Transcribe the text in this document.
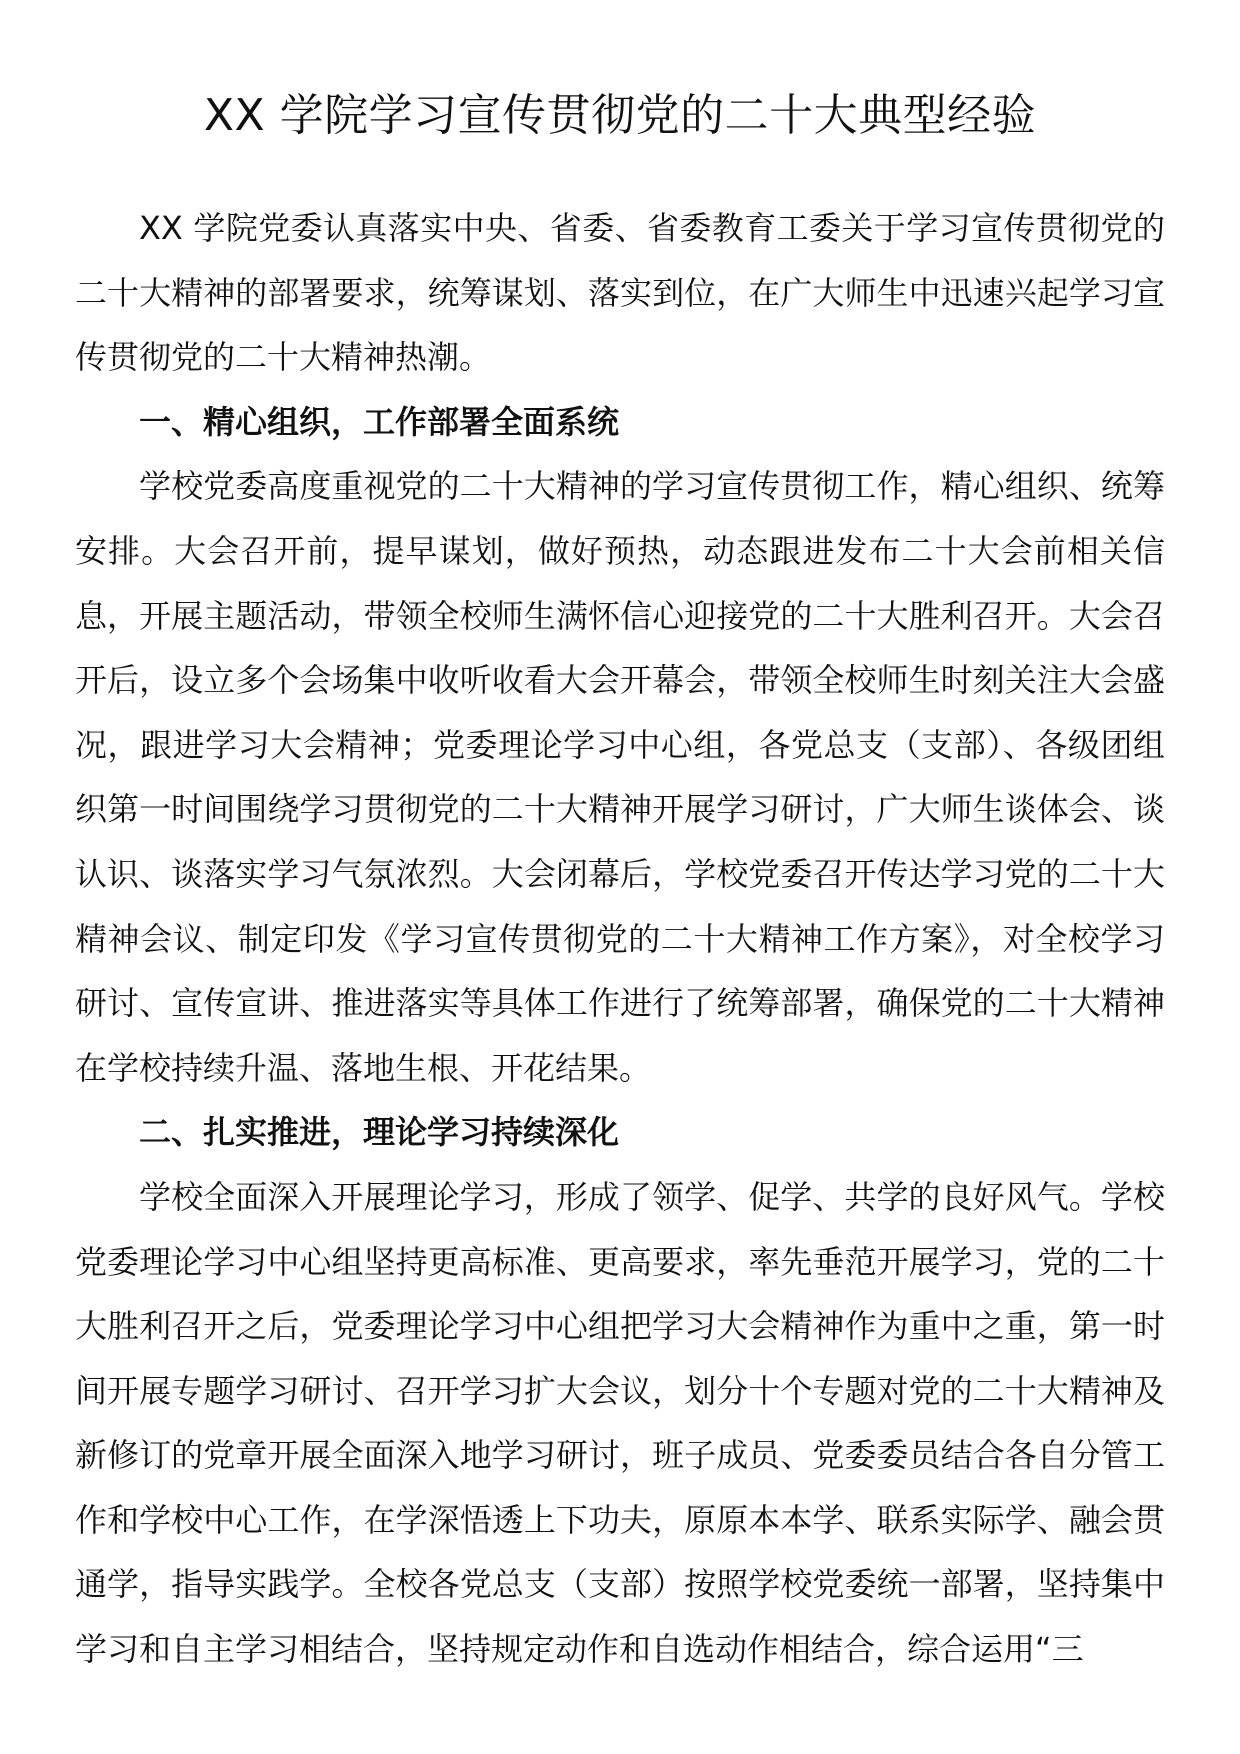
XX 学院学习宣传贯彻党的二十大典型经验

XX 学院党委认真落实中央、省委、省委教育工委关于学习宣传贯彻党的二十大精神的部署要求，统筹谋划、落实到位，在广大师生中迅速兴起学习宣传贯彻党的二十大精神热潮。

一、精心组织，工作部署全面系统

学校党委高度重视党的二十大精神的学习宣传贯彻工作，精心组织、统筹安排。大会召开前，提早谋划，做好预热，动态跟进发布二十大会前相关信息，开展主题活动，带领全校师生满怀信心迎接党的二十大胜利召开。大会召开后，设立多个会场集中收听收看大会开幕会，带领全校师生时刻关注大会盛况，跟进学习大会精神；党委理论学习中心组，各党总支（支部）、各级团组织第一时间围绕学习贯彻党的二十大精神开展学习研讨，广大师生谈体会、谈认识、谈落实学习气氛浓烈。大会闭幕后，学校党委召开传达学习党的二十大精神会议、制定印发《学习宣传贯彻党的二十大精神工作方案》，对全校学习研讨、宣传宣讲、推进落实等具体工作进行了统筹部署，确保党的二十大精神在学校持续升温、落地生根、开花结果。

二、扎实推进，理论学习持续深化

学校全面深入开展理论学习，形成了领学、促学、共学的良好风气。学校党委理论学习中心组坚持更高标准、更高要求，率先垂范开展学习，党的二十大胜利召开之后，党委理论学习中心组把学习大会精神作为重中之重，第一时间开展专题学习研讨、召开学习扩大会议，划分十个专题对党的二十大精神及新修订的党章开展全面深入地学习研讨，班子成员、党委委员结合各自分管工作和学校中心工作，在学深悟透上下功夫，原原本本学、联系实际学、融会贯通学，指导实践学。全校各党总支（支部）按照学校党委统一部署，坚持集中学习和自主学习相结合，坚持规定动作和自选动作相结合，综合运用“三
